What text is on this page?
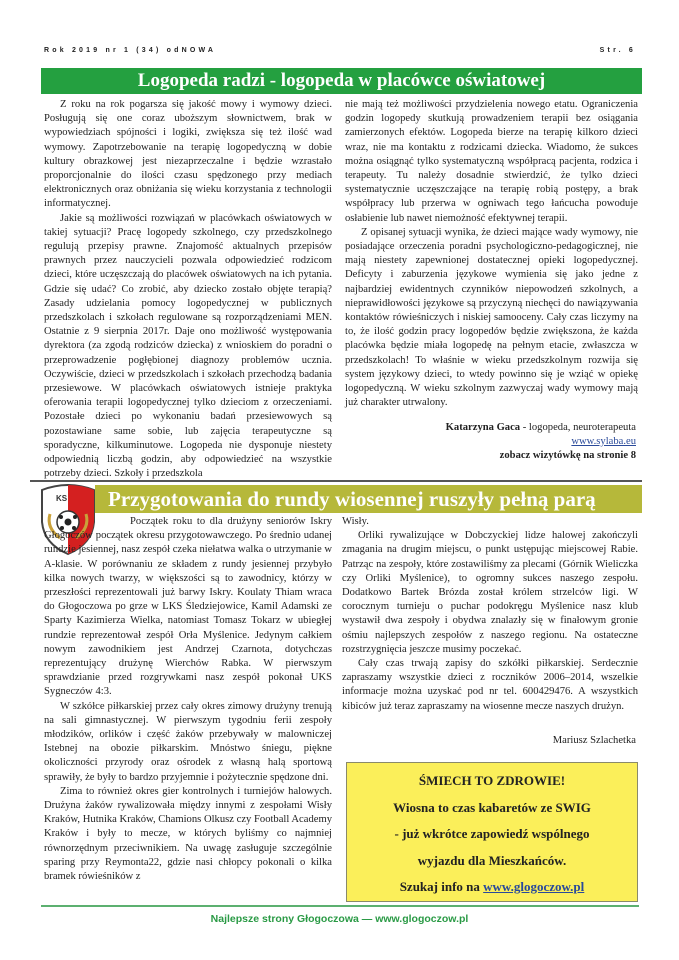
Rok 2019 nr 1 (34) odNOWA	Str. 6
Logopeda radzi - logopeda w placówce oświatowej

Z roku na rok pogarsza się jakość mowy i wymowy dzieci. Posługują się one coraz uboższym słownictwem, brak w wypowiedziach spójności i logiki, zwiększa się też ilość wad wymowy. Zapotrzebowanie na terapię logopedyczną w dobie kultury obrazkowej jest niezaprzeczalne i będzie wzrastało proporcjonalnie do ilości czasu spędzonego przy mediach elektronicznych oraz obniżania się wieku korzystania z technologii informatycznej.

Jakie są możliwości rozwiązań w placówkach oświatowych w takiej sytuacji? Pracę logopedy szkolnego, czy przedszkolnego regulują przepisy prawne. Znajomość aktualnych przepisów prawnych przez nauczycieli pozwala odpowiedzieć rodzicom dzieci, które uczęszczają do placówek oświatowych na ich pytania. Gdzie się udać? Co zrobić, aby dziecko zostało objęte terapią? Zasady udzielania pomocy logopedycznej w publicznych przedszkolach i szkołach regulowane są rozporządzeniami MEN. Ostatnie z 9 sierpnia 2017r. Daje ono możliwość występowania dyrektora (za zgodą rodziców dziecka) z wnioskiem do poradni o przeprowadzenie pogłębionej diagnozy problemów ucznia. Oczywiście, dzieci w przedszkolach i szkołach przechodzą badania przesiewowe. W placówkach oświatowych istnieje praktyka oferowania terapii logopedycznej tylko dzieciom z orzeczeniami. Pozostałe dzieci po wykonaniu badań przesiewowych są pozostawiane same sobie, lub zajęcia terapeutyczne są sporadyczne, kilkuminutowe. Logopeda nie dysponuje niestety odpowiednią liczbą godzin, aby odpowiedzieć na wszystkie potrzeby dzieci. Szkoły i przedszkola

nie mają też możliwości przydzielenia nowego etatu. Ograniczenia godzin logopedy skutkują prowadzeniem terapii bez osiągania zamierzonych efektów. Logopeda bierze na terapię kilkoro dzieci wraz, nie ma kontaktu z rodzicami dziecka. Wiadomo, że sukces można osiągnąć tylko systematyczną współpracą pacjenta, rodzica i terapeuty. Tu należy dosadnie stwierdzić, że tylko dzieci systematycznie uczęszczające na terapię robią postępy, a brak współpracy lub przerwa w ogniwach tego łańcucha powoduje osłabienie lub nawet niemożność efektywnej terapii.

Z opisanej sytuacji wynika, że dzieci mające wady wymowy, nie posiadające orzeczenia poradni psychologiczno-pedagogicznej, nie mają niestety zapewnionej dostatecznej opieki logopedycznej. Deficyty i zaburzenia językowe wymienia się jako jedne z najbardziej ewidentnych czynników niepowodzeń szkolnych, a nieprawidłowości językowe są przyczyną niechęci do nawiązywania kontaktów rówieśniczych i niskiej samooceny. Cały czas liczymy na to, że ilość godzin pracy logopedów będzie zwiększona, że każda placówka będzie miała logopedę na pełnym etacie, zwłaszcza w przedszkolach! To właśnie w wieku przedszkolnym rozwija się system językowy dzieci, to wtedy powinno się je wziąć w opiekę logopedyczną. W wieku szkolnym zazwyczaj wady wymowy mają już charakter utrwalony.

Katarzyna Gaca - logopeda, neuroterapeuta
www.sylaba.eu
zobacz wizytówkę na stronie 8
KS	Przygotowania do rundy wiosennej ruszyły pełną parą

Początek roku to dla drużyny seniorów Iskry Głogoczów początek okresu przygotowawczego. Po średnio udanej rundzie jesiennej, nasz zespół czeka niełatwa walka o utrzymanie w A-klasie. W porównaniu ze składem z rundy jesiennej przybyło kilka nowych twarzy, w większości są to zawodnicy, którzy w przeszłości reprezentowali już barwy Iskry. Koulaty Thiam wraca do Głogoczowa po grze w LKS Śledziejowice, Kamil Adamski ze Sparty Kazimierza Wielka, natomiast Tomasz Tokarz w ubiegłej rundzie reprezentował zespół Orła Myślenice. Jedynym całkiem nowym zawodnikiem jest Andrzej Czarnota, dotychczas reprezentujący drużynę Wierchów Rabka. W pierwszym sprawdzianie przed rozgrywkami nasz zespół pokonał UKS Sygneczów 4:3.

W szkółce piłkarskiej przez cały okres zimowy drużyny trenują na sali gimnastycznej. W pierwszym tygodniu ferii zespoły młodzików, orlików i część żaków przebywały w malowniczej Istebnej na obozie piłkarskim. Mnóstwo śniegu, piękne okoliczności przyrody oraz ośrodek z własną halą sportową sprawiły, że były to bardzo przyjemnie i pożytecznie spędzone dni.

Zima to również okres gier kontrolnych i turniejów halowych. Drużyna żaków rywalizowała między innymi z zespołami Wisły Kraków, Hutnika Kraków, Chamions Olkusz czy Football Academy Kraków i były to mecze, w których byliśmy co najmniej równorzędnym przeciwnikiem. Na uwagę zasługuje szczególnie sparing przy Reymonta22, gdzie nasi chłopcy pokonali o kilka bramek rówieśników z

Wisły.

Orliki rywalizujące w Dobczyckiej lidze halowej zakończyli zmagania na drugim miejscu, o punkt ustępując miejscowej Rabie. Patrząc na zespoły, które zostawiliśmy za plecami (Górnik Wieliczka czy Orliki Myślenice), to ogromny sukces naszego zespołu. Dodatkowo Bartek Brózda został królem strzelców ligi. W corocznym turnieju o puchar podokręgu Myślenice nasz klub wystawił dwa zespoły i obydwa znalazły się w finałowym gronie ośmiu najlepszych zespołów z naszego regionu. Na ostateczne rozstrzygnięcia jeszcze musimy poczekać.

Cały czas trwają zapisy do szkółki piłkarskiej. Serdecznie zapraszamy wszystkie dzieci z roczników 2006–2014, wszelkie informacje można uzyskać pod nr tel. 600429476. A wszystkich kibiców już teraz zapraszamy na wiosenne mecze naszych drużyn.

Mariusz Szlachetka
ŚMIECH TO ZDROWIE!
Wiosna to czas kabaretów ze SWIG
- już wkrótce zapowiedź wspólnego
wyjazdu dla Mieszkańców.
Szukaj info na www.glogoczow.pl
Najlepsze strony Głogoczowa — www.glogoczow.pl
